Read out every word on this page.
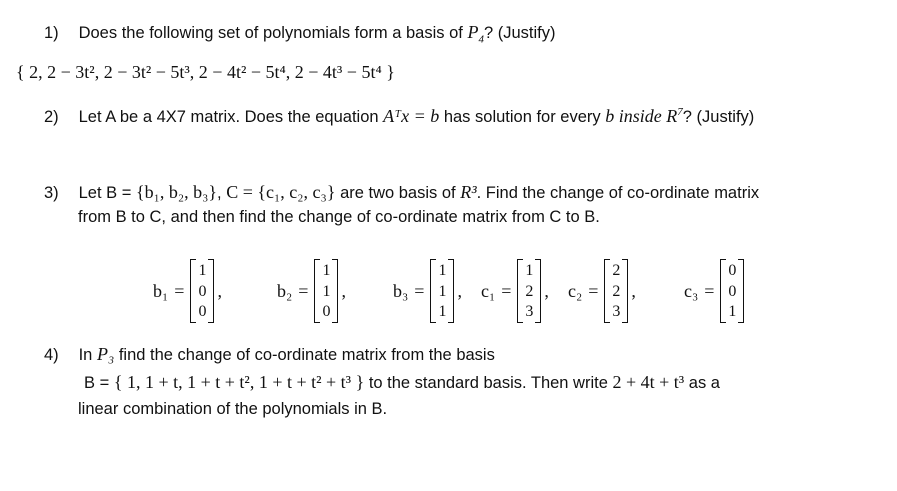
1) Does the following set of polynomials form a basis of $P_4$? (Justify)
{ 2, 2 − 3t², 2 − 3t² − 5t³, 2 − 4t² − 5t⁴, 2 − 4t³ − 5t⁴ }
2) Let A be a 4X7 matrix. Does the equation Aᵀx = b has solution for every b inside $R^7$? (Justify)
3) Let B = {b₁, b₂, b₃}, C = {c₁, c₂, c₃} are two basis of R³. Find the change of co-ordinate matrix
from B to C, and then find the change of co-ordinate matrix from C to B.
b₁ =
1
0
0
,	b₂ =
1
1
0
,	b₃ =
1
1
1
, c₁ =
1
2
3
, c₂ =
2
2
3
,	c₃ =
0
0
1
4) In P₃ find the change of co-ordinate matrix from the basis
B = { 1, 1 + t, 1 + t + t², 1 + t + t² + t³ } to the standard basis. Then write 2 + 4t + t³ as a
linear combination of the polynomials in B.
